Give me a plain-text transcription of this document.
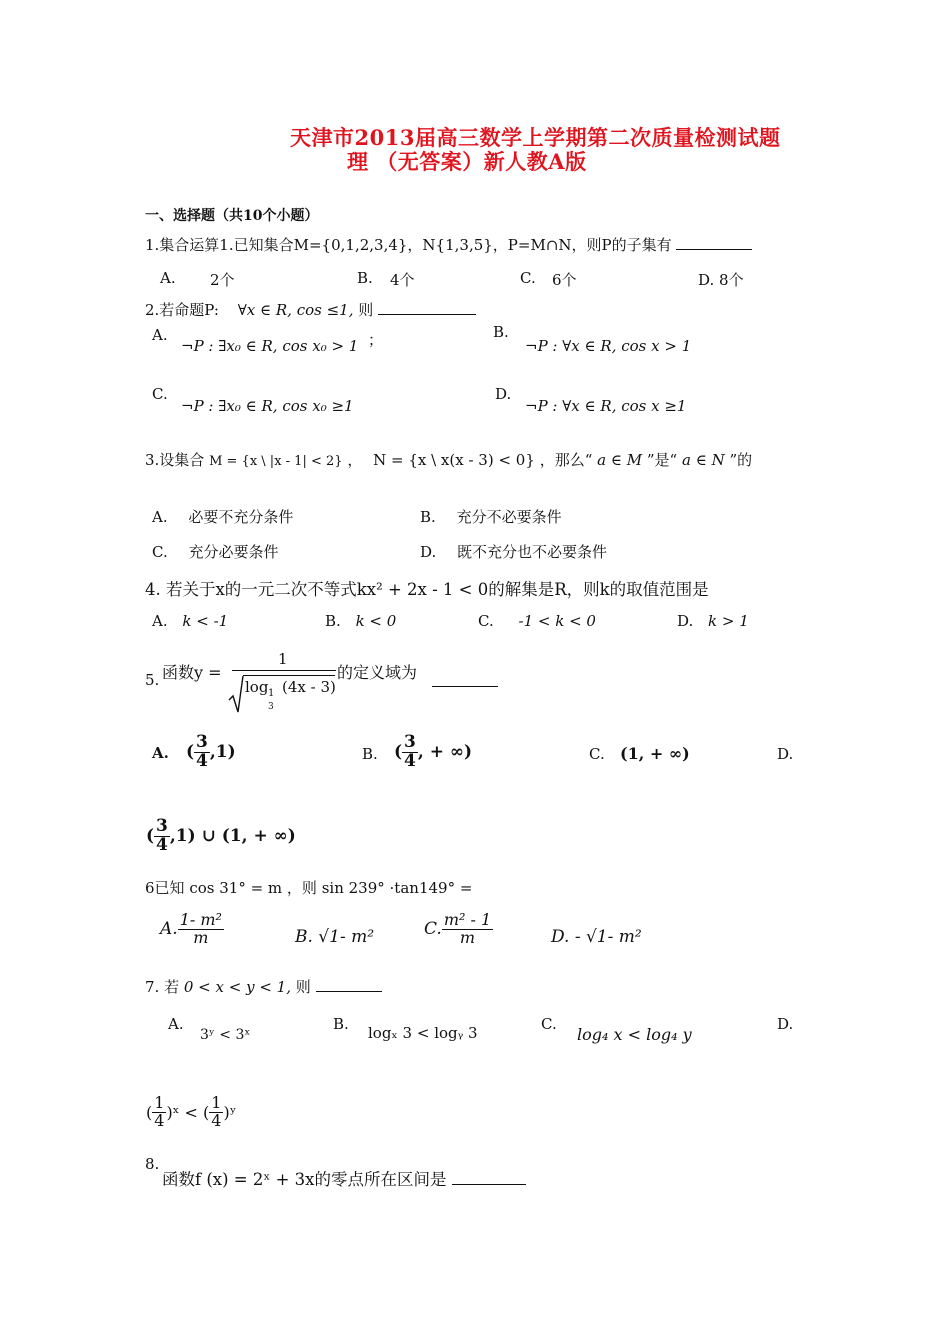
天津市2013届高三数学上学期第二次质量检测试题
理 （无答案）新人教A版
一、选择题（共10个小题）
1.集合运算1.已知集合M={0,1,2,3,4}，N{1,3,5}，P=M∩N，则P的子集有
A. 2个	B. 4个	C. 6个	D. 8个
2.若命题P: ∀x ∈ R, cos ≤1, 则
A.
¬P : ∃x₀ ∈ R, cos x₀ > 1 ；	B.
¬P : ∀x ∈ R, cos x > 1
C.
¬P : ∃x₀ ∈ R, cos x₀ ≥1
D.
¬P : ∀x ∈ R, cos x ≥1
3.设集合 M = {x \ |x - 1| < 2} ， N = {x \ x(x - 3) < 0} ，那么“ a ∈ M ”是“ a ∈ N ”的
A. 必要不充分条件	B. 充分不必要条件
C. 充分必要条件	D. 既不充分也不必要条件
4. 若关于x的一元二次不等式kx² + 2x - 1 < 0的解集是R，则k的取值范围是
A. k < -1	B. k < 0	C. -1 < k < 0	D. k > 1
5. 函数y =
1
log 1
3
(4x - 3)
的定义域为
A. ( $\frac{3}{4} ,1$)	B. ( $\frac{3}{4}$ , + ∞)	C. (1, + ∞)	D.
( $\frac{3}{4} ,1$) ∪ (1, + ∞)
6已知 cos 31° = m ，则 sin 239° ·tan149° =
A. $\frac{\text{1- m²}}{m}$	B. √1- m²	C. $\frac{\text{m² - 1}}{m}$	D. - √1- m²
7. 若 0 < x < y < 1, 则
A.
3ʸ < 3ˣ
B. logₓ 3 < logᵧ 3	C.
log₄ x < log₄ y
D.
( $\frac{1}{4}$ )ˣ < ( $\frac{1}{4}$ )ʸ
8.
函数f (x) = 2ˣ + 3x的零点所在区间是
